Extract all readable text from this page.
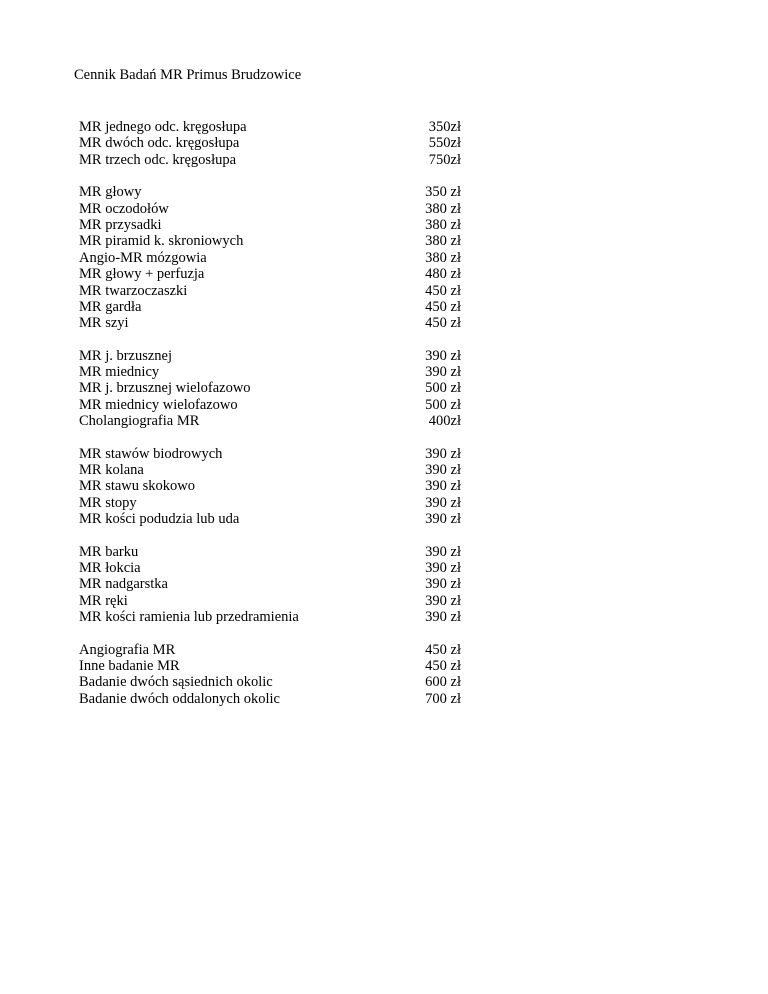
Cennik Badań MR Primus Brudzowice
MR jednego odc. kręgosłupa	350zł
MR dwóch odc. kręgosłupa	550zł
MR trzech odc. kręgosłupa	750zł
MR głowy	350 zł
MR oczodołów	380 zł
MR przysadki	380 zł
MR piramid k. skroniowych	380 zł
Angio-MR mózgowia	380 zł
MR głowy + perfuzja	480 zł
MR twarzoczaszki	450 zł
MR gardła	450 zł
MR szyi	450 zł
MR j. brzusznej	390 zł
MR miednicy	390 zł
MR j. brzusznej wielofazowo	500 zł
MR miednicy wielofazowo	500 zł
Cholangiografia MR	400zł
MR stawów biodrowych	390 zł
MR kolana	390 zł
MR stawu skokowo	390 zł
MR stopy	390 zł
MR kości podudzia lub uda	390 zł
MR barku	390 zł
MR łokcia	390 zł
MR nadgarstka	390 zł
MR ręki	390 zł
MR kości ramienia lub przedramienia	390 zł
Angiografia MR	450 zł
Inne badanie MR	450 zł
Badanie dwóch sąsiednich okolic	600 zł
Badanie dwóch oddalonych okolic	700 zł
